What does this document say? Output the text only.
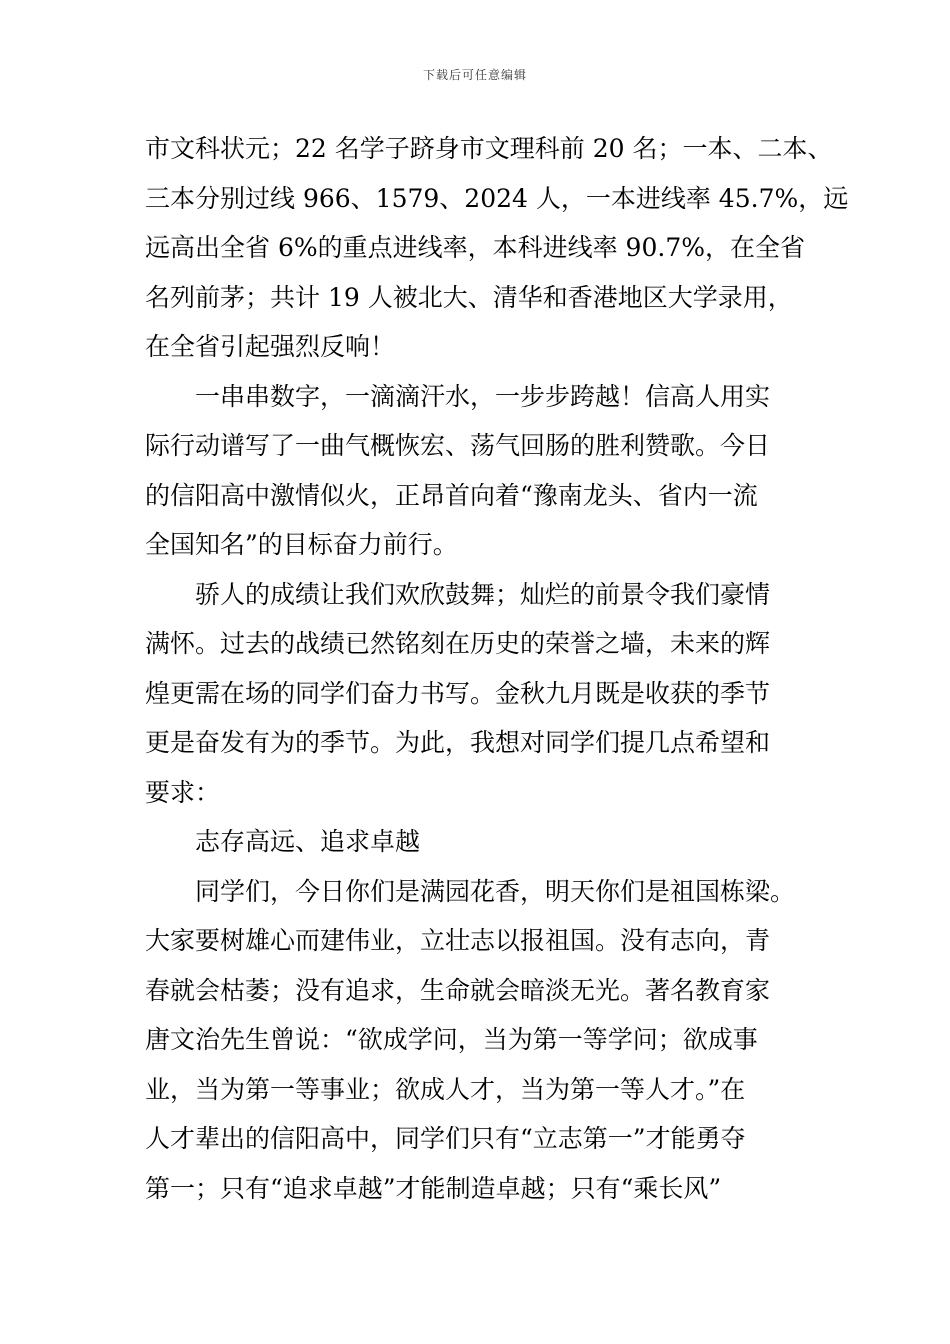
下载后可任意编辑
市文科状元；22 名学子跻身市文理科前 20 名；一本、二本、
三本分别过线 966、1579、2024 人，一本进线率 45.7%，远
远高出全省 6%的重点进线率，本科进线率 90.7%，在全省
名列前茅；共计 19 人被北大、清华和香港地区大学录用，
在全省引起强烈反响！
一串串数字，一滴滴汗水，一步步跨越！信高人用实
际行动谱写了一曲气概恢宏、荡气回肠的胜利赞歌。今日
的信阳高中激情似火，正昂首向着“豫南龙头、省内一流
全国知名”的目标奋力前行。
骄人的成绩让我们欢欣鼓舞；灿烂的前景令我们豪情
满怀。过去的战绩已然铭刻在历史的荣誉之墙，未来的辉
煌更需在场的同学们奋力书写。金秋九月既是收获的季节
更是奋发有为的季节。为此，我想对同学们提几点希望和
要求：
志存高远、追求卓越
同学们，今日你们是满园花香，明天你们是祖国栋梁。
大家要树雄心而建伟业，立壮志以报祖国。没有志向，青
春就会枯萎；没有追求，生命就会暗淡无光。著名教育家
唐文治先生曾说：“欲成学问，当为第一等学问；欲成事
业，当为第一等事业；欲成人才，当为第一等人才。”在
人才辈出的信阳高中，同学们只有“立志第一”才能勇夺
第一；只有“追求卓越”才能制造卓越；只有“乘长风”
